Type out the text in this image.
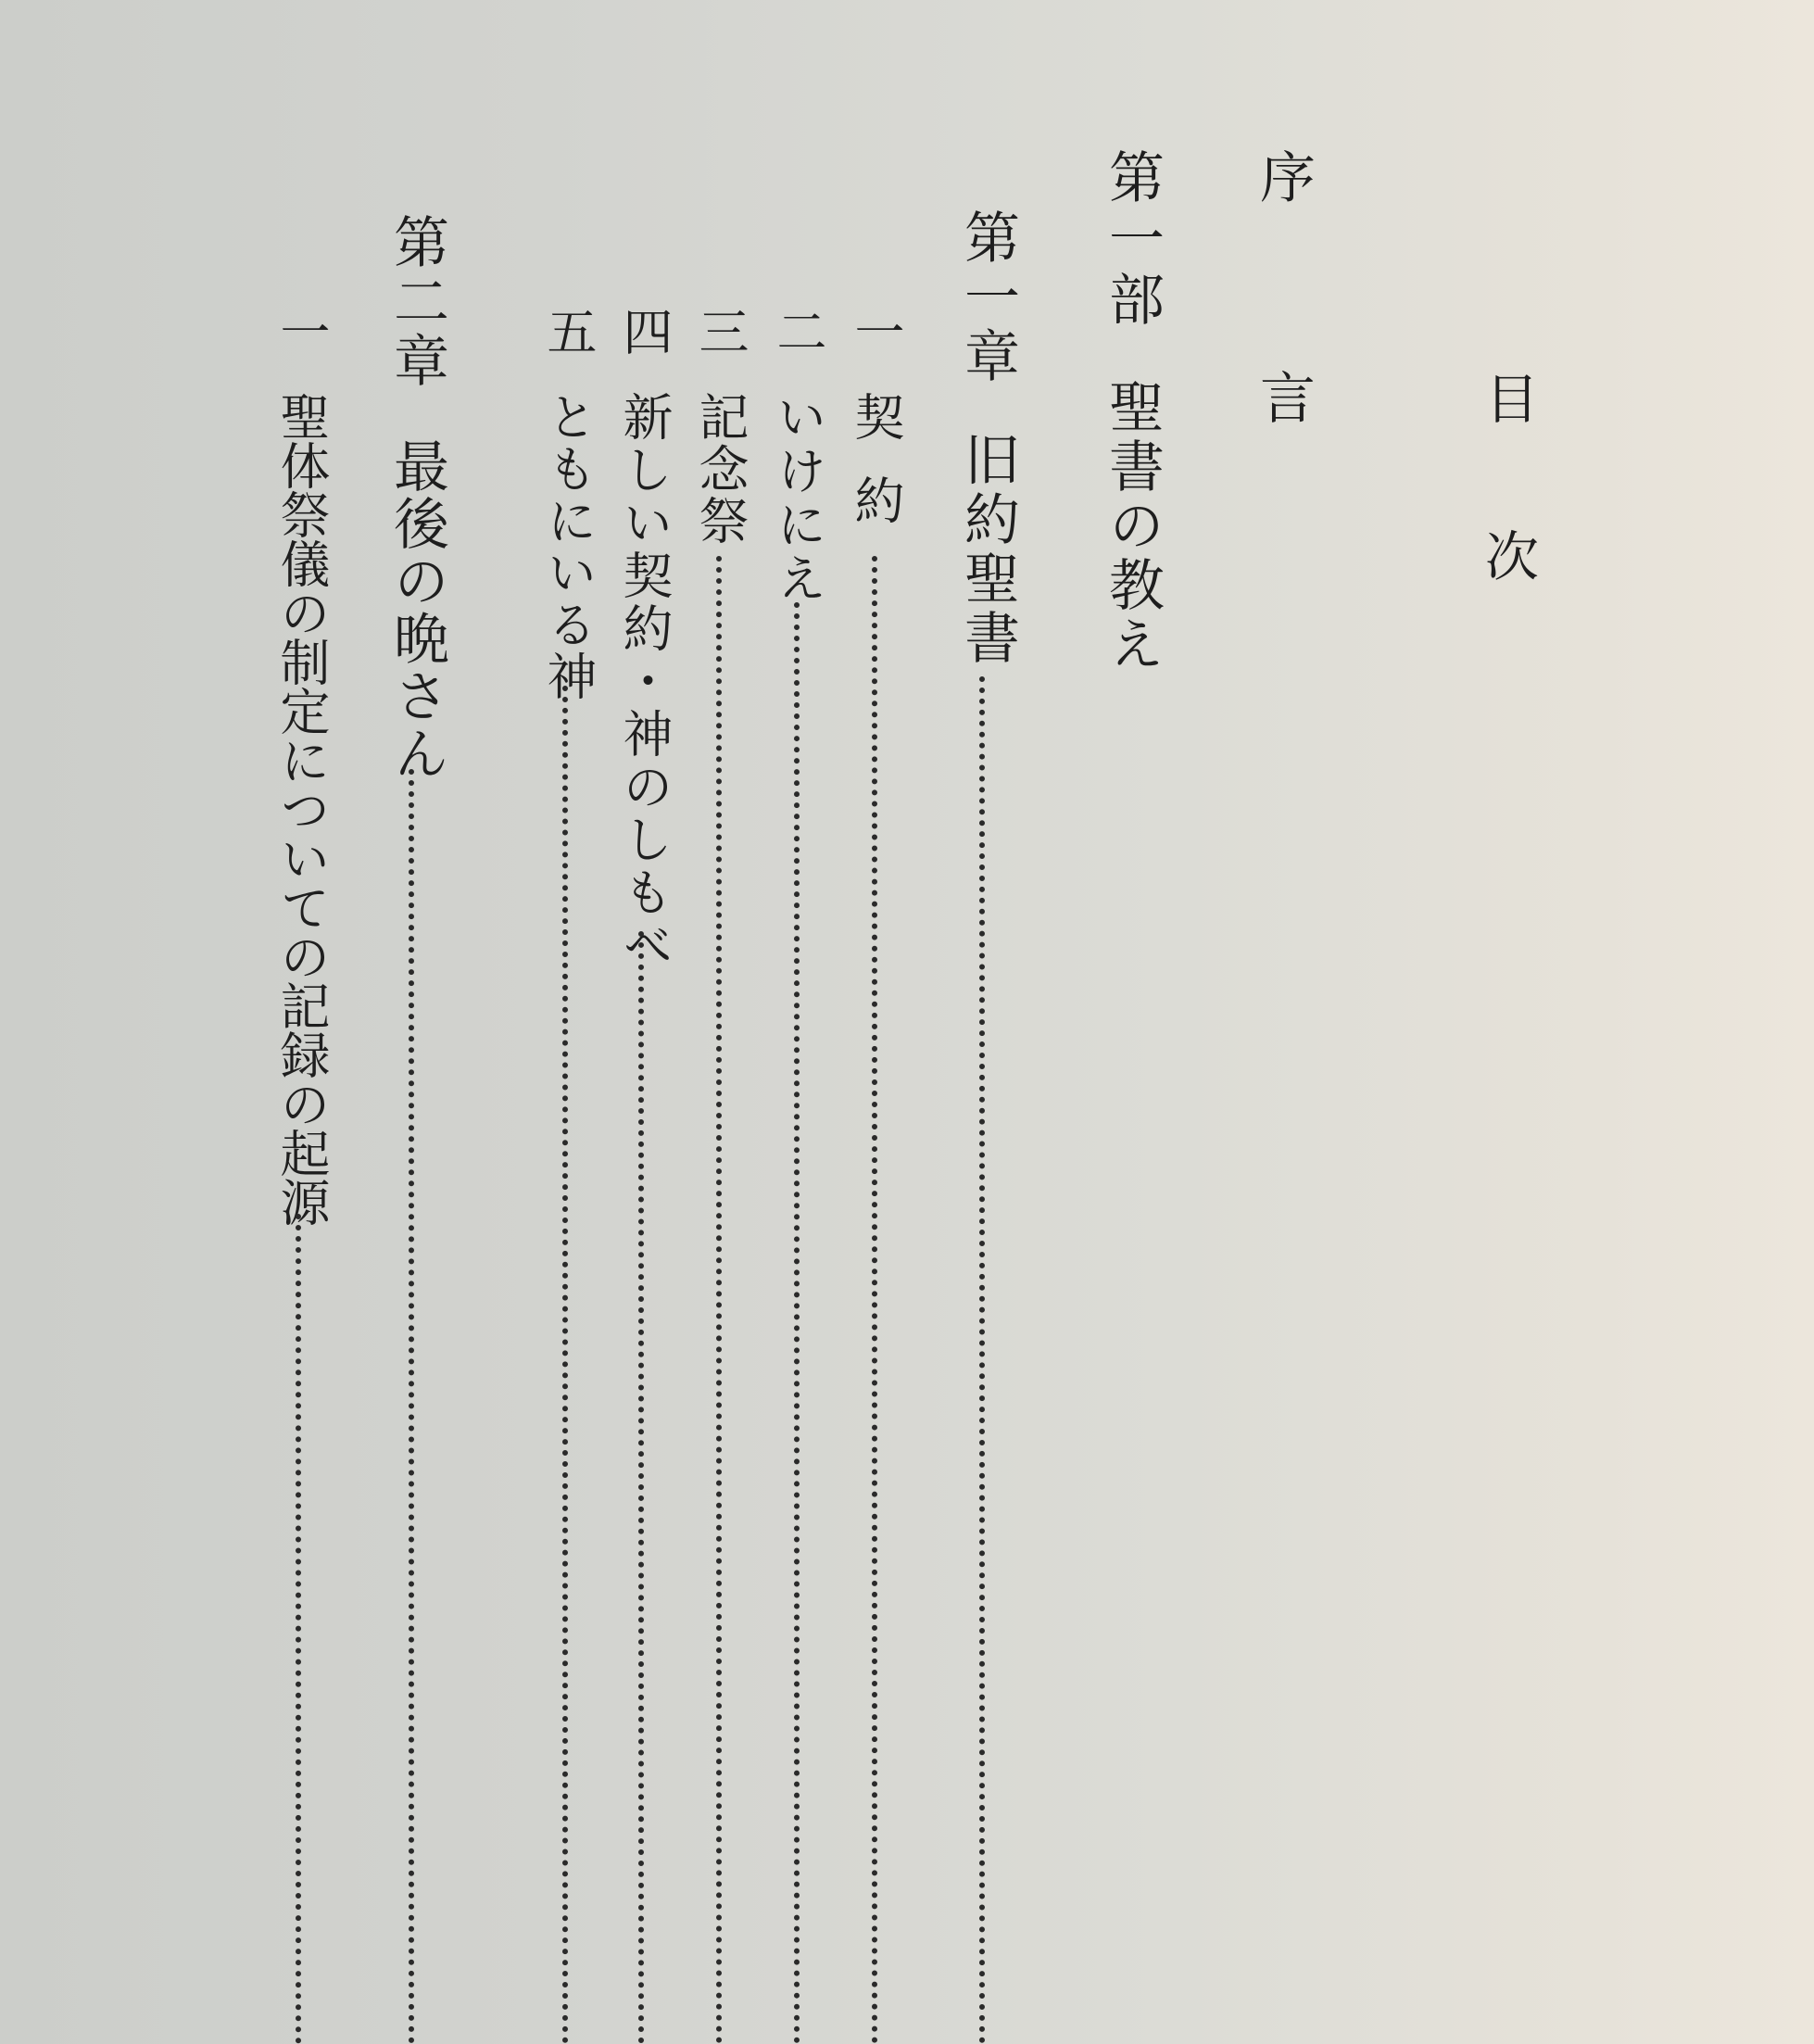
目次
序言
第一部
聖書の教え
第一章
旧約聖書
一
契約
二
いけにえ
三
記念祭
四
新しい契約・神のしもべ
五
ともにいる神
第二章
最後の晩さん
一
聖体祭儀の制定についての記録の起源
